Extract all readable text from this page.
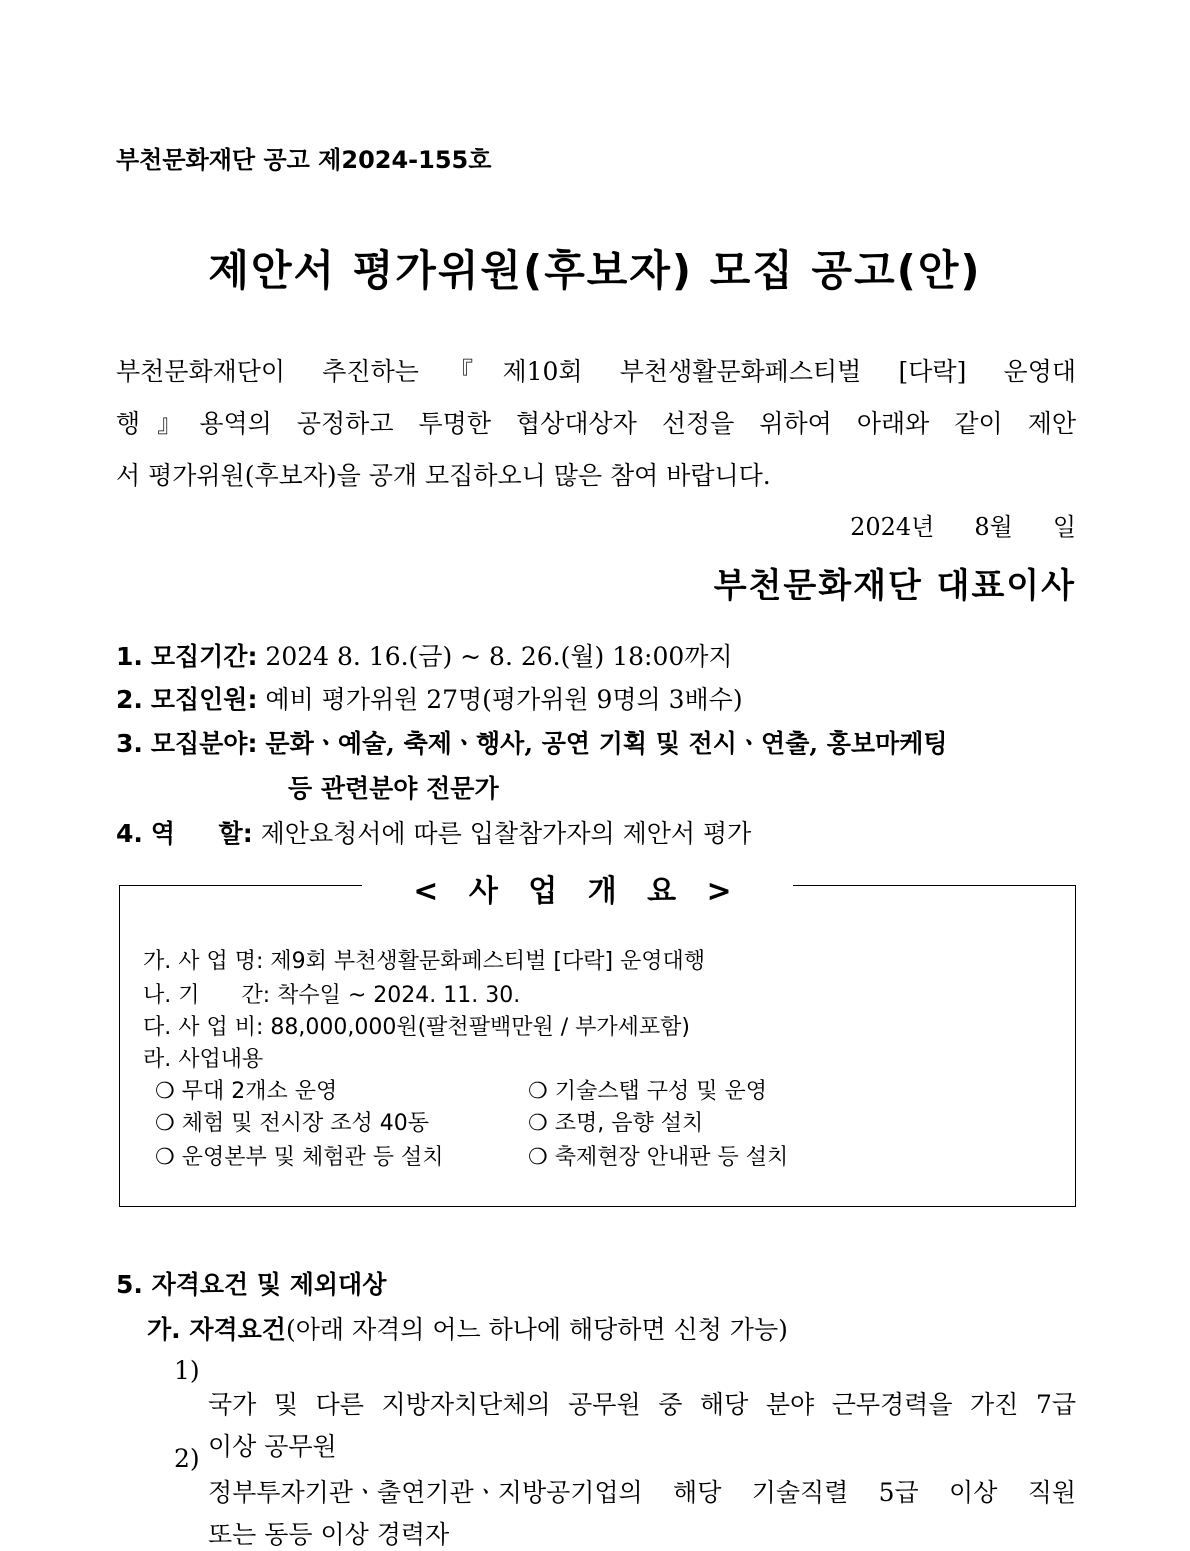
부천문화재단 공고 제2024-155호
제안서 평가위원(후보자) 모집 공고(안)
부천문화재단이 추진하는『제10회 부천생활문화페스티벌 [다락] 운영대
행』용역의 공정하고 투명한 협상대상자 선정을 위하여 아래와 같이 제안
서 평가위원(후보자)을 공개 모집하오니 많은 참여 바랍니다.
2024년 8월 일
부천문화재단 대표이사
1. 모집기간: 2024 8. 16.(금) ~ 8. 26.(월) 18:00까지
2. 모집인원: 예비 평가위원 27명(평가위원 9명의 3배수)
3. 모집분야: 문화ㆍ예술, 축제ㆍ행사, 공연 기획 및 전시ㆍ연출, 홍보마케팅
등 관련분야 전문가
4. 역     할: 제안요청서에 따른 입찰참가자의 제안서 평가
< 사 업 개 요 >
가. 사 업 명: 제9회 부천생활문화페스티벌 [다락] 운영대행
나. 기      간: 착수일 ~ 2024. 11. 30.
다. 사 업 비: 88,000,000원(팔천팔백만원 / 부가세포함)
라. 사업내용
❍ 무대 2개소 운영	❍ 기술스탭 구성 및 운영
❍ 체험 및 전시장 조성 40동	❍ 조명, 음향 설치
❍ 운영본부 및 체험관 등 설치	❍ 축제현장 안내판 등 설치
5. 자격요건 및 제외대상
가. 자격요건(아래 자격의 어느 하나에 해당하면 신청 가능)
1)
국가 및 다른 지방자치단체의 공무원 중 해당 분야 근무경력을 가진 7급
이상 공무원
2)
정부투자기관ㆍ출연기관ㆍ지방공기업의 해당 기술직렬 5급 이상 직원
또는 동등 이상 경력자
